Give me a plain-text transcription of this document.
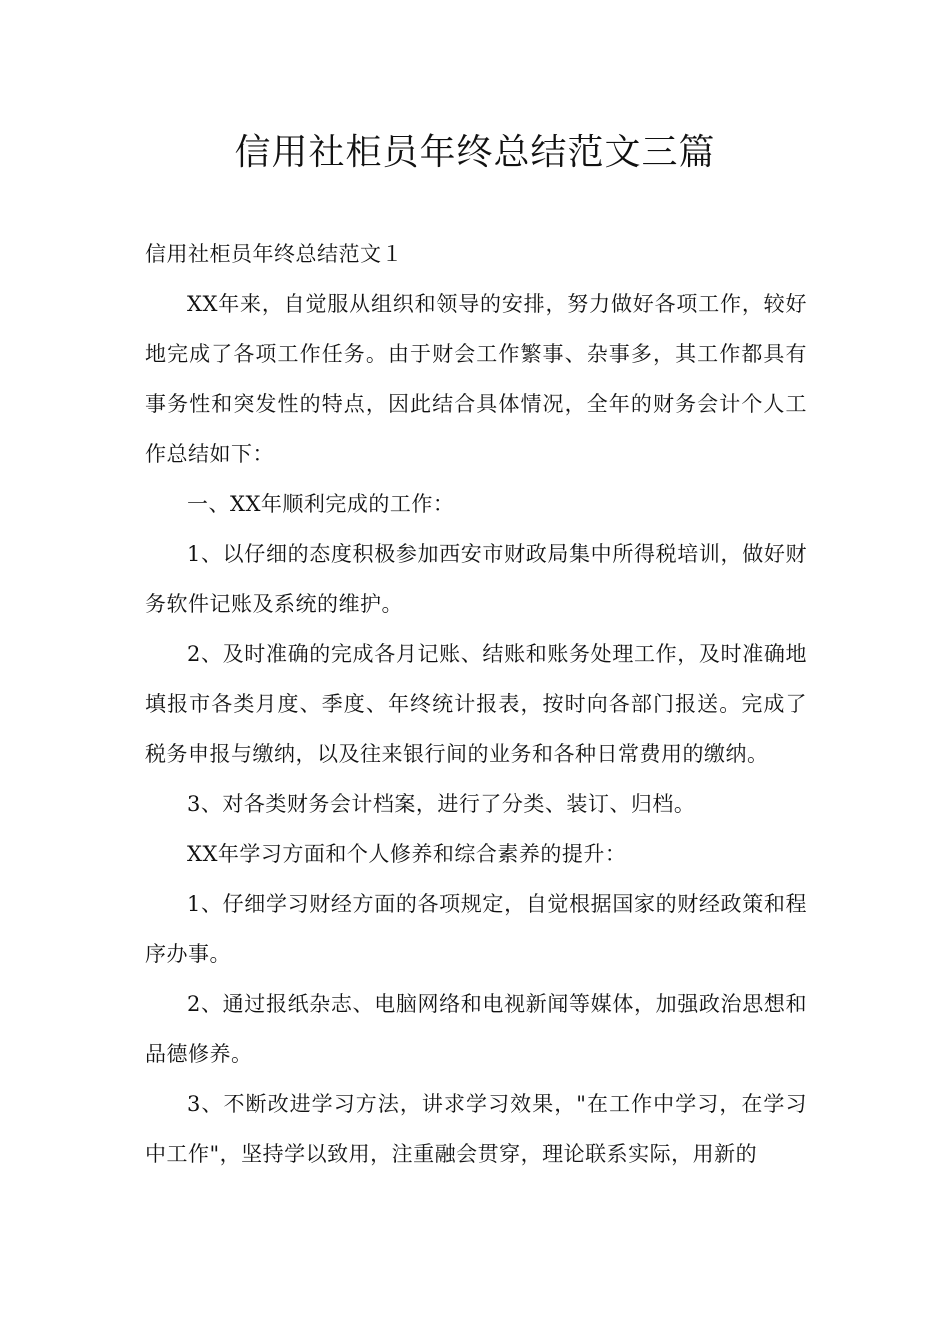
信用社柜员年终总结范文三篇

信用社柜员年终总结范文１

XX年来，自觉服从组织和领导的安排，努力做好各项工作，较好地完成了各项工作任务。由于财会工作繁事、杂事多，其工作都具有事务性和突发性的特点，因此结合具体情况，全年的财务会计个人工作总结如下：

一、XX年顺利完成的工作：

1、以仔细的态度积极参加西安市财政局集中所得税培训，做好财务软件记账及系统的维护。

2、及时准确的完成各月记账、结账和账务处理工作，及时准确地填报市各类月度、季度、年终统计报表，按时向各部门报送。完成了税务申报与缴纳，以及往来银行间的业务和各种日常费用的缴纳。

3、对各类财务会计档案，进行了分类、装订、归档。

XX年学习方面和个人修养和综合素养的提升：

1、仔细学习财经方面的各项规定，自觉根据国家的财经政策和程序办事。

2、通过报纸杂志、电脑网络和电视新闻等媒体，加强政治思想和品德修养。

3、不断改进学习方法，讲求学习效果，"在工作中学习，在学习中工作"，坚持学以致用，注重融会贯穿，理论联系实际，用新的
